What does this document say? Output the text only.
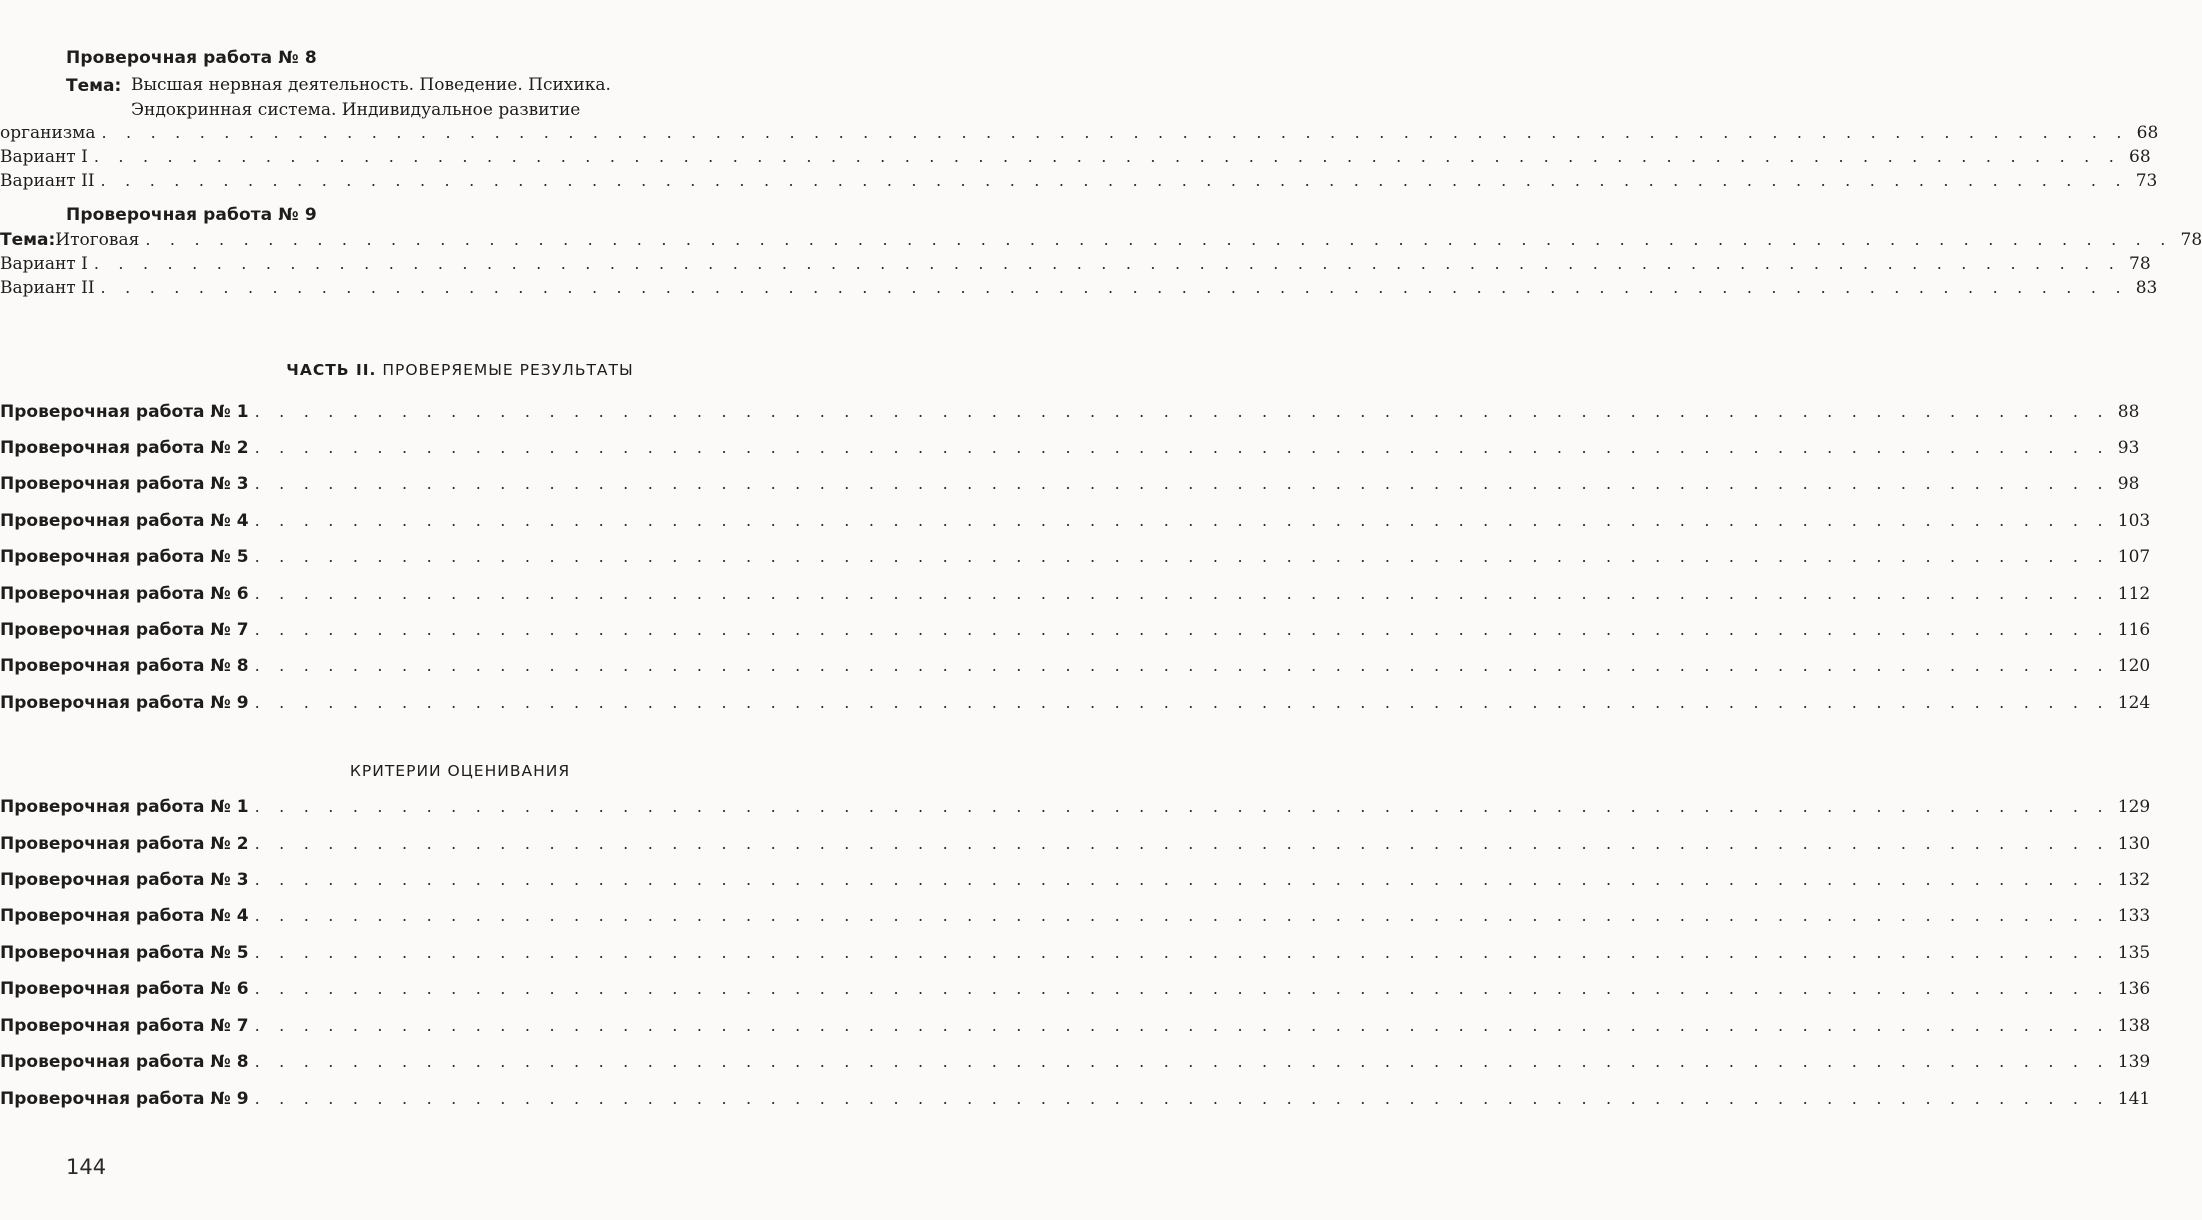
Проверочная работа № 8
Тема: Высшая нервная деятельность. Поведение. Психика.
Эндокринная система. Индивидуальное развитие
организма . . . . . . . . . . . . . . . . . . . . . . . . . . . . . . . . . . . . . . . . . . . . . . . . . . . . . . . . . . . . . . . . . . . . . . . . . . . . . . . . . . . 68
Вариант I . . . . . . . . . . . . . . . . . . . . . . . . . . . . . . . . . . . . . . . . . . . . . . . . . . . . . . . . . . . . . . . . . . . . . . . . . . . . . . . . . . . 68
Вариант II . . . . . . . . . . . . . . . . . . . . . . . . . . . . . . . . . . . . . . . . . . . . . . . . . . . . . . . . . . . . . . . . . . . . . . . . . . . . . . . . . . . 73
Проверочная работа № 9
Тема: Итоговая . . . . . . . . . . . . . . . . . . . . . . . . . . . . . . . . . . . . . . . . . . . . . . . . . . . . . . . . . . . . . . . . . . . . . . . . . . . . . . . . . . . 78
Вариант I . . . . . . . . . . . . . . . . . . . . . . . . . . . . . . . . . . . . . . . . . . . . . . . . . . . . . . . . . . . . . . . . . . . . . . . . . . . . . . . . . . . 78
Вариант II . . . . . . . . . . . . . . . . . . . . . . . . . . . . . . . . . . . . . . . . . . . . . . . . . . . . . . . . . . . . . . . . . . . . . . . . . . . . . . . . . . . 83
ЧАСТЬ II. ПРОВЕРЯЕМЫЕ РЕЗУЛЬТАТЫ
Проверочная работа № 1 . . . . . . . . . . . . . . . . . . . . . . . . . . . . . . . . . . . . . . . . . . . . . . . . . . . . . . . . . . . . . . . . . . . . . . . . . . . . 88
Проверочная работа № 2 . . . . . . . . . . . . . . . . . . . . . . . . . . . . . . . . . . . . . . . . . . . . . . . . . . . . . . . . . . . . . . . . . . . . . . . . . . . . 93
Проверочная работа № 3 . . . . . . . . . . . . . . . . . . . . . . . . . . . . . . . . . . . . . . . . . . . . . . . . . . . . . . . . . . . . . . . . . . . . . . . . . . . . 98
Проверочная работа № 4 . . . . . . . . . . . . . . . . . . . . . . . . . . . . . . . . . . . . . . . . . . . . . . . . . . . . . . . . . . . . . . . . . . . . . . . . . . . . 103
Проверочная работа № 5 . . . . . . . . . . . . . . . . . . . . . . . . . . . . . . . . . . . . . . . . . . . . . . . . . . . . . . . . . . . . . . . . . . . . . . . . . . . . 107
Проверочная работа № 6 . . . . . . . . . . . . . . . . . . . . . . . . . . . . . . . . . . . . . . . . . . . . . . . . . . . . . . . . . . . . . . . . . . . . . . . . . . . . 112
Проверочная работа № 7 . . . . . . . . . . . . . . . . . . . . . . . . . . . . . . . . . . . . . . . . . . . . . . . . . . . . . . . . . . . . . . . . . . . . . . . . . . . . 116
Проверочная работа № 8 . . . . . . . . . . . . . . . . . . . . . . . . . . . . . . . . . . . . . . . . . . . . . . . . . . . . . . . . . . . . . . . . . . . . . . . . . . . . 120
Проверочная работа № 9 . . . . . . . . . . . . . . . . . . . . . . . . . . . . . . . . . . . . . . . . . . . . . . . . . . . . . . . . . . . . . . . . . . . . . . . . . . . . 124
КРИТЕРИИ ОЦЕНИВАНИЯ
Проверочная работа № 1 . . . . . . . . . . . . . . . . . . . . . . . . . . . . . . . . . . . . . . . . . . . . . . . . . . . . . . . . . . . . . . . . . . . . . . . . . . . . 129
Проверочная работа № 2 . . . . . . . . . . . . . . . . . . . . . . . . . . . . . . . . . . . . . . . . . . . . . . . . . . . . . . . . . . . . . . . . . . . . . . . . . . . . 130
Проверочная работа № 3 . . . . . . . . . . . . . . . . . . . . . . . . . . . . . . . . . . . . . . . . . . . . . . . . . . . . . . . . . . . . . . . . . . . . . . . . . . . . 132
Проверочная работа № 4 . . . . . . . . . . . . . . . . . . . . . . . . . . . . . . . . . . . . . . . . . . . . . . . . . . . . . . . . . . . . . . . . . . . . . . . . . . . . 133
Проверочная работа № 5 . . . . . . . . . . . . . . . . . . . . . . . . . . . . . . . . . . . . . . . . . . . . . . . . . . . . . . . . . . . . . . . . . . . . . . . . . . . . 135
Проверочная работа № 6 . . . . . . . . . . . . . . . . . . . . . . . . . . . . . . . . . . . . . . . . . . . . . . . . . . . . . . . . . . . . . . . . . . . . . . . . . . . . 136
Проверочная работа № 7 . . . . . . . . . . . . . . . . . . . . . . . . . . . . . . . . . . . . . . . . . . . . . . . . . . . . . . . . . . . . . . . . . . . . . . . . . . . . 138
Проверочная работа № 8 . . . . . . . . . . . . . . . . . . . . . . . . . . . . . . . . . . . . . . . . . . . . . . . . . . . . . . . . . . . . . . . . . . . . . . . . . . . . 139
Проверочная работа № 9 . . . . . . . . . . . . . . . . . . . . . . . . . . . . . . . . . . . . . . . . . . . . . . . . . . . . . . . . . . . . . . . . . . . . . . . . . . . . 141
144
